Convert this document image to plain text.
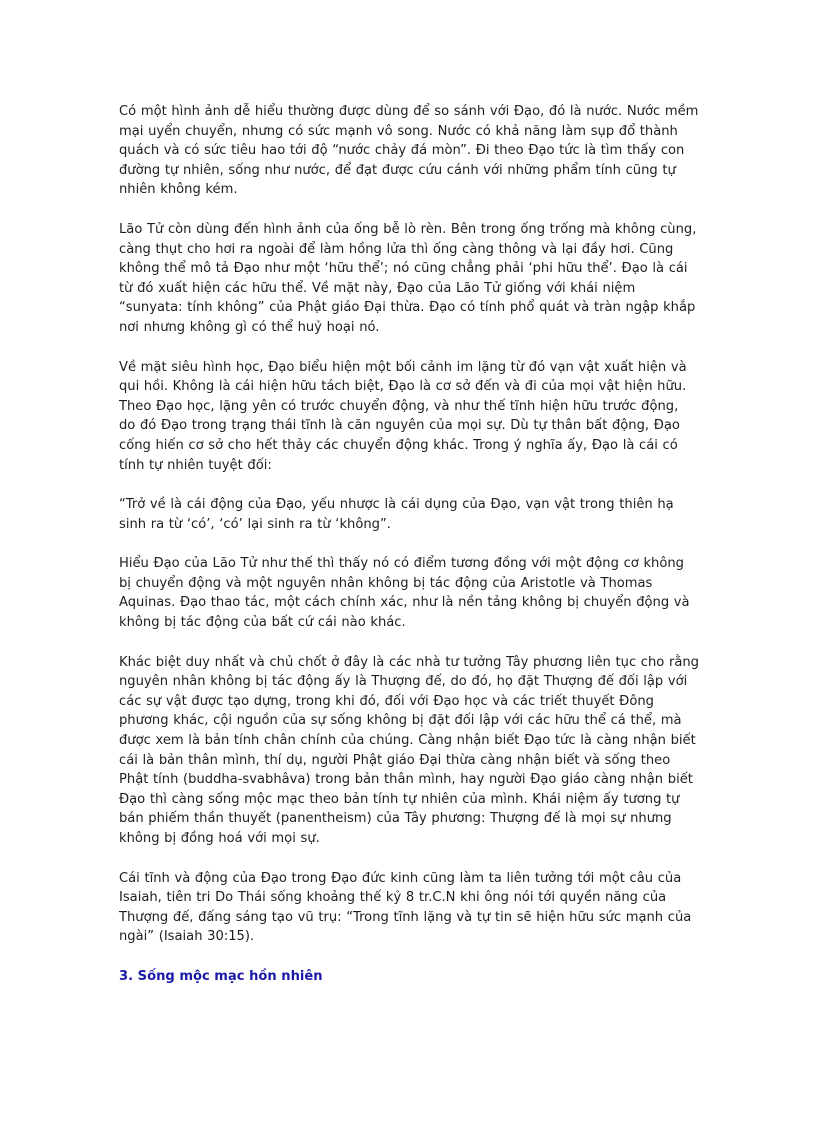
Có một hình ảnh dễ hiểu thường được dùng để so sánh với Đạo, đó là nước. Nước mềm mại uyển chuyển, nhưng có sức mạnh vô song. Nước có khả năng làm sụp đổ thành quách và có sức tiêu hao tới độ “nước chảy đá mòn”. Đi theo Đạo tức là tìm thấy con đường tự nhiên, sống như nước, để đạt được cứu cánh với những phẩm tính cũng tự nhiên không kém.

Lão Tử còn dùng đến hình ảnh của ống bễ lò rèn. Bên trong ống trống mà không cùng, càng thụt cho hơi ra ngoài để làm hồng lửa thì ống càng thông và lại đầy hơi. Cũng không thể mô tả Đạo như một ‘hữu thể’; nó cũng chẳng phải ‘phi hữu thể’. Đạo là cái từ đó xuất hiện các hữu thể. Về mặt này, Đạo của Lão Tử giống với khái niệm “sunyata: tính không” của Phật giáo Đại thừa. Đạo có tính phổ quát và tràn ngập khắp nơi nhưng không gì có thể huỷ hoại nó.

Về mặt siêu hình học, Đạo biểu hiện một bối cảnh im lặng từ đó vạn vật xuất hiện và qui hồi. Không là cái hiện hữu tách biệt, Đạo là cơ sở đến và đi của mọi vật hiện hữu. Theo Đạo học, lặng yên có trước chuyển động, và như thế tĩnh hiện hữu trước động, do đó Đạo trong trạng thái tĩnh là căn nguyên của mọi sự. Dù tự thân bất động, Đạo cống hiến cơ sở cho hết thảy các chuyển động khác. Trong ý nghĩa ấy, Đạo là cái có tính tự nhiên tuyệt đối:

“Trở về là cái động của Đạo, yếu nhược là cái dụng của Đạo, vạn vật trong thiên hạ sinh ra từ ‘có’, ‘có’ lại sinh ra từ ‘không”.

Hiểu Đạo của Lão Tử như thế thì thấy nó có điểm tương đồng với một động cơ không bị chuyển động và một nguyên nhân không bị tác động của Aristotle và Thomas Aquinas. Đạo thao tác, một cách chính xác, như là nền tảng không bị chuyển động và không bị tác động của bất cứ cái nào khác.

Khác biệt duy nhất và chủ chốt ở đây là các nhà tư tưởng Tây phương liên tục cho rằng nguyên nhân không bị tác động ấy là Thượng đế, do đó, họ đặt Thượng đế đối lập với các sự vật được tạo dựng, trong khi đó, đối với Đạo học và các triết thuyết Đông phương khác, cội nguồn của sự sống không bị đặt đối lập với các hữu thể cá thể, mà được xem là bản tính chân chính của chúng. Càng nhận biết Đạo tức là càng nhận biết cái là bản thân mình, thí dụ, người Phật giáo Đại thừa càng nhận biết và sống theo Phật tính (buddha-svabhâva) trong bản thân mình, hay người Đạo giáo càng nhận biết Đạo thì càng sống mộc mạc theo bản tính tự nhiên của mình. Khái niệm ấy tương tự bán phiếm thần thuyết (panentheism) của Tây phương: Thượng đế là mọi sự nhưng không bị đồng hoá với mọi sự.

Cái tĩnh và động của Đạo trong Đạo đức kinh cũng làm ta liên tưởng tới một câu của Isaiah, tiên tri Do Thái sống khoảng thế kỷ 8 tr.C.N khi ông nói tới quyền năng của Thượng đế, đấng sáng tạo vũ trụ: “Trong tĩnh lặng và tự tin sẽ hiện hữu sức mạnh của ngài” (Isaiah 30:15).

3. Sống mộc mạc hồn nhiên
